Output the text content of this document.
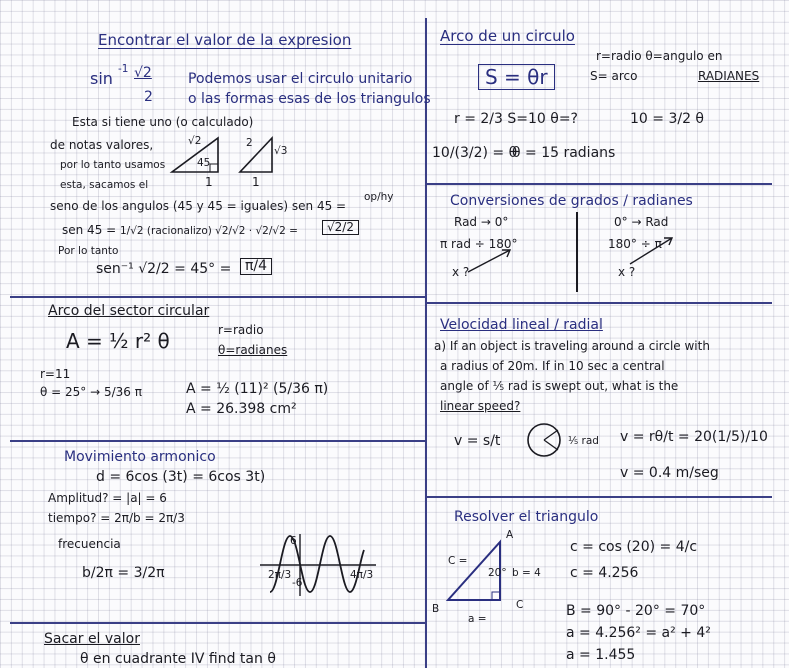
Encontrar el valor de la expresion
sin -1 √2
2
Podemos usar el circulo unitario
o las formas esas de los triangulos
Esta si tiene uno (o calculado)
de notas valores,
por lo tanto usamos
esta, sacamos el
√2
45
1
2
√3
1
seno de los angulos (45 y 45 = iguales) sen 45 =
op/hy
sen 45 = 1/√2 (racionalizo) √2/√2 · √2/√2 =	√2/2
Por lo tanto
sen⁻¹ √2/2 = 45° = π/4
Arco de un circulo
S = θr
r=radio θ=angulo en
S= arco	RADIANES
r = 2/3 S=10 θ=?	10 = 3/2 θ
10/(3/2) = θ
θ = 15 radians
Arco del sector circular
A = ½ r² θ	r=radio
θ=radianes
r=11
θ = 25° → 5/36 π	A = ½ (11)² (5/36 π)
A = 26.398 cm²
Conversiones de grados / radianes
Rad → 0°
π rad ÷ 180°
x ?
0° → Rad
180° ÷ π
x ?
Movimiento armonico
d = 6cos (3t) = 6cos 3t)
Amplitud? = |a| = 6
tiempo? = 2π/b = 2π/3
frecuencia
b/2π = 3/2π
6
-6
2π/3	4π/3
Velocidad lineal / radial
a) If an object is traveling around a circle with
a radius of 20m. If in 10 sec a central
angle of ⅕ rad is swept out, what is the
linear speed?
v = s/t	⅕ rad v = rθ/t = 20(1/5)/10
v = 0.4 m/seg
Resolver el triangulo
C =
a =
A
B	C
20° b = 4
c = cos (20) = 4/c
c = 4.256
B = 90° - 20° = 70°
a = 4.256² = a² + 4²
a = 1.455
Sacar el valor
θ en cuadrante IV find tan θ
